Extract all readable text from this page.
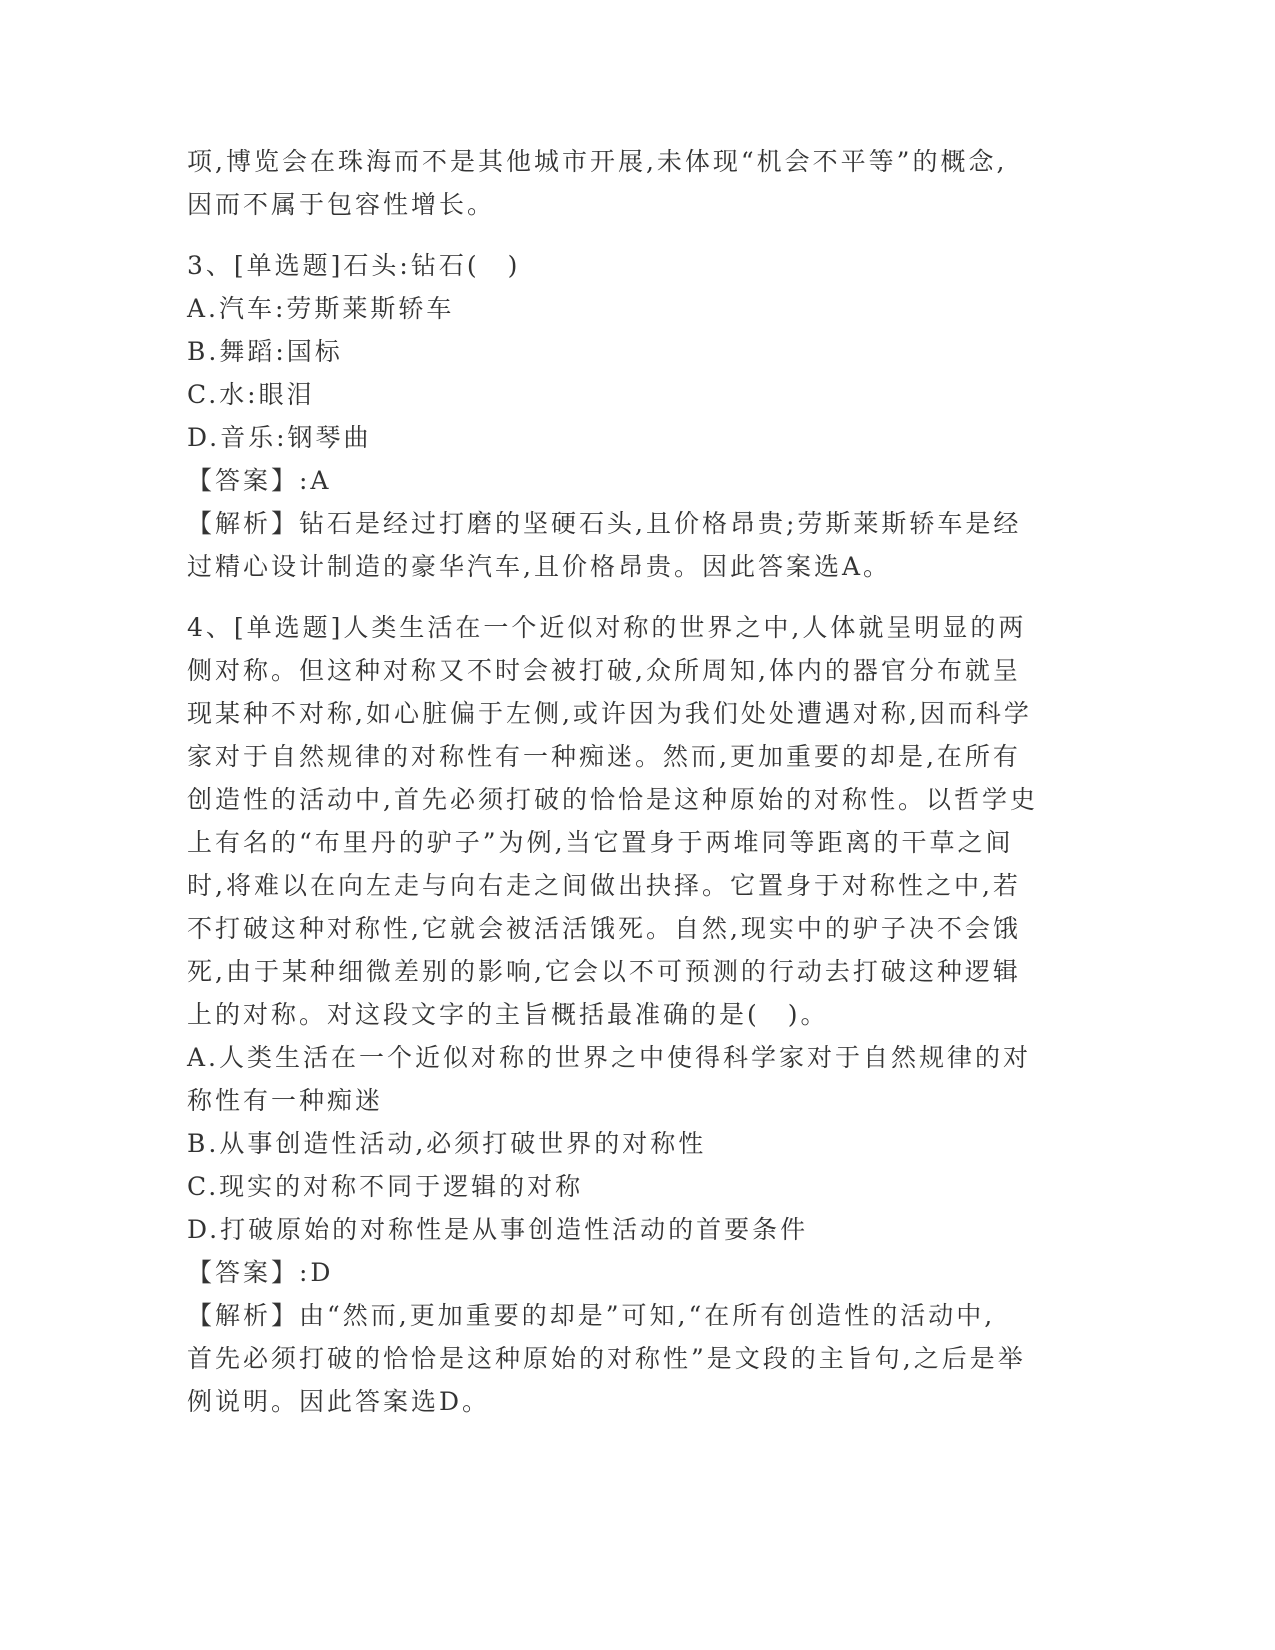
项,博览会在珠海而不是其他城市开展,未体现“机会不平等”的概念,

因而不属于包容性增长。

3、[单选题]石头:钻石(　)

A.汽车:劳斯莱斯轿车

B.舞蹈:国标

C.水:眼泪

D.音乐:钢琴曲

【答案】:A

【解析】钻石是经过打磨的坚硬石头,且价格昂贵;劳斯莱斯轿车是经

过精心设计制造的豪华汽车,且价格昂贵。因此答案选A。

4、[单选题]人类生活在一个近似对称的世界之中,人体就呈明显的两

侧对称。但这种对称又不时会被打破,众所周知,体内的器官分布就呈

现某种不对称,如心脏偏于左侧,或许因为我们处处遭遇对称,因而科学

家对于自然规律的对称性有一种痴迷。然而,更加重要的却是,在所有

创造性的活动中,首先必须打破的恰恰是这种原始的对称性。以哲学史

上有名的“布里丹的驴子”为例,当它置身于两堆同等距离的干草之间

时,将难以在向左走与向右走之间做出抉择。它置身于对称性之中,若

不打破这种对称性,它就会被活活饿死。自然,现实中的驴子决不会饿

死,由于某种细微差别的影响,它会以不可预测的行动去打破这种逻辑

上的对称。对这段文字的主旨概括最准确的是(　)。

A.人类生活在一个近似对称的世界之中使得科学家对于自然规律的对

称性有一种痴迷

B.从事创造性活动,必须打破世界的对称性

C.现实的对称不同于逻辑的对称

D.打破原始的对称性是从事创造性活动的首要条件

【答案】:D

【解析】由“然而,更加重要的却是”可知,“在所有创造性的活动中,

首先必须打破的恰恰是这种原始的对称性”是文段的主旨句,之后是举

例说明。因此答案选D。
